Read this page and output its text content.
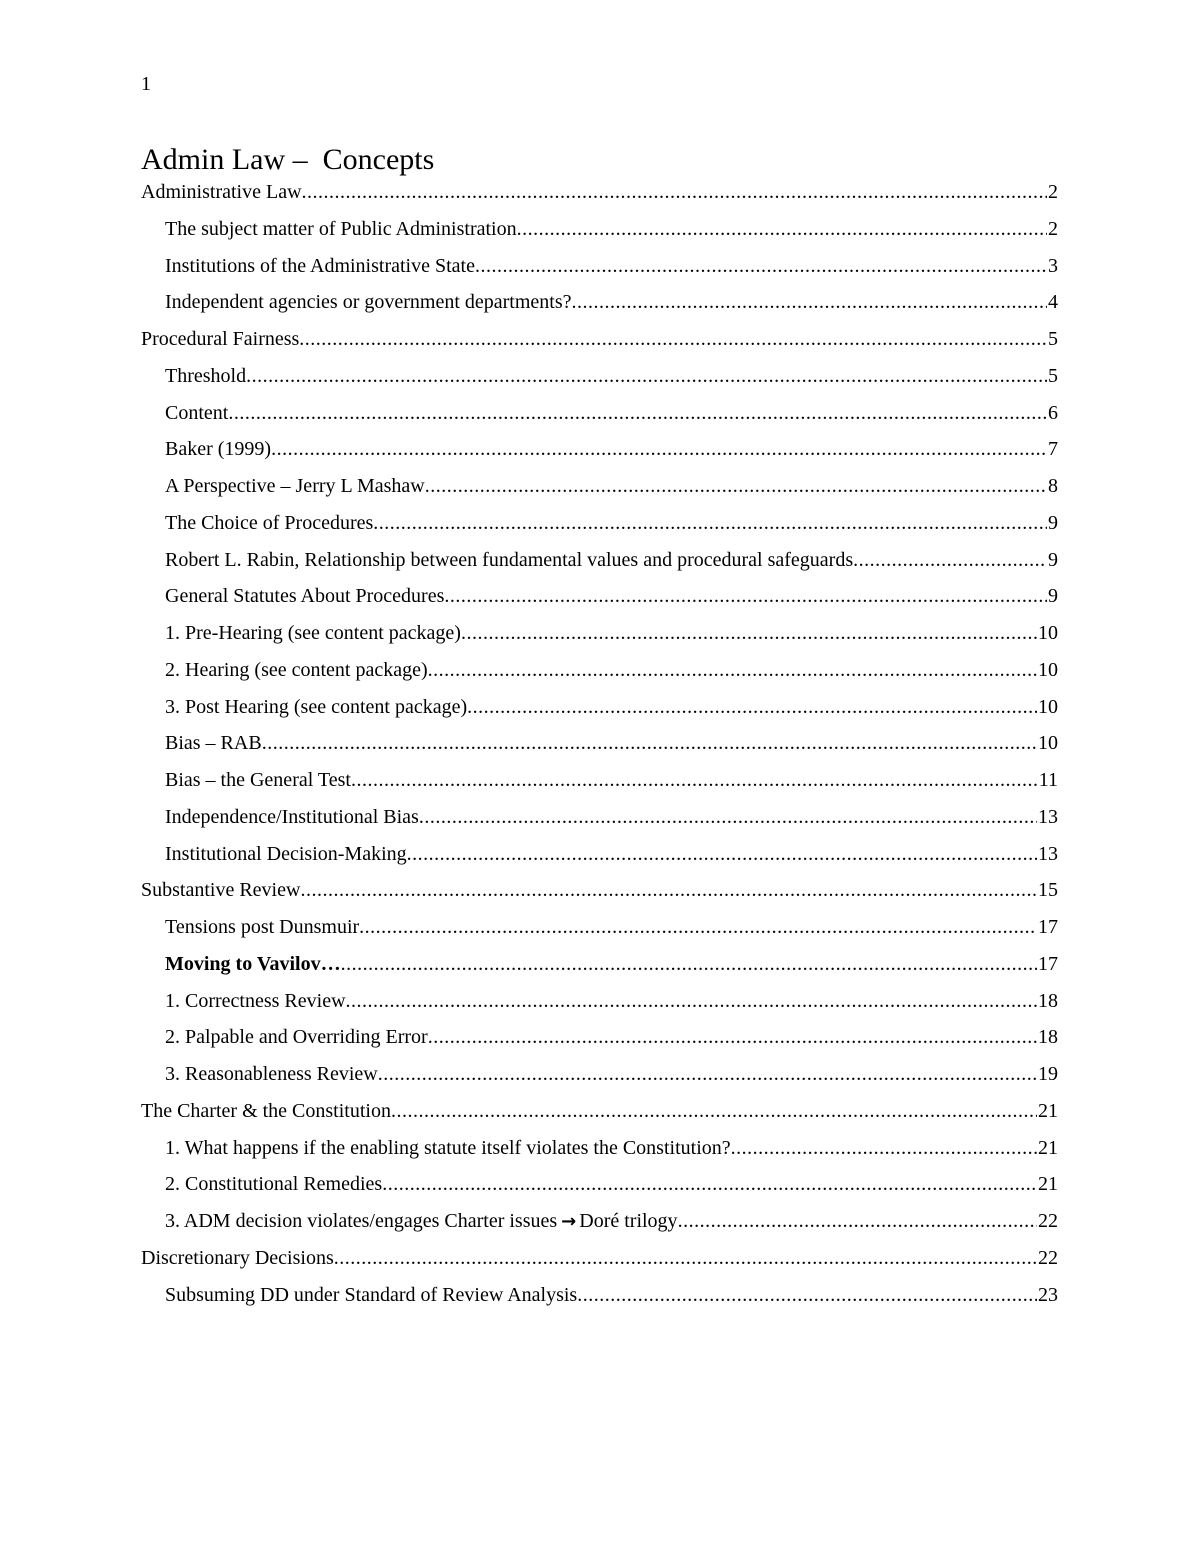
1
Admin Law –  Concepts
Administrative Law .....	2
The subject matter of Public Administration .....	2
Institutions of the Administrative State .....	3
Independent agencies or government departments? .....	4
Procedural Fairness .....	5
Threshold .....	5
Content .....	6
Baker (1999) .....	7
A Perspective – Jerry L Mashaw .....	8
The Choice of Procedures .....	9
Robert L. Rabin, Relationship between fundamental values and procedural safeguards .....	9
General Statutes About Procedures .....	9
1. Pre-Hearing (see content package) .....	10
2. Hearing (see content package) .....	10
3. Post Hearing (see content package) .....	10
Bias – RAB .....	10
Bias – the General Test .....	11
Independence/Institutional Bias .....	13
Institutional Decision-Making .....	13
Substantive Review .....	15
Tensions post Dunsmuir .....	17
Moving to Vavilov… .....	17
1. Correctness Review .....	18
2. Palpable and Overriding Error .....	18
3. Reasonableness Review .....	19
The Charter & the Constitution .....	21
1. What happens if the enabling statute itself violates the Constitution? .....	21
2. Constitutional Remedies .....	21
3. ADM decision violates/engages Charter issues → Doré trilogy .....	22
Discretionary Decisions .....	22
Subsuming DD under Standard of Review Analysis .....	23
